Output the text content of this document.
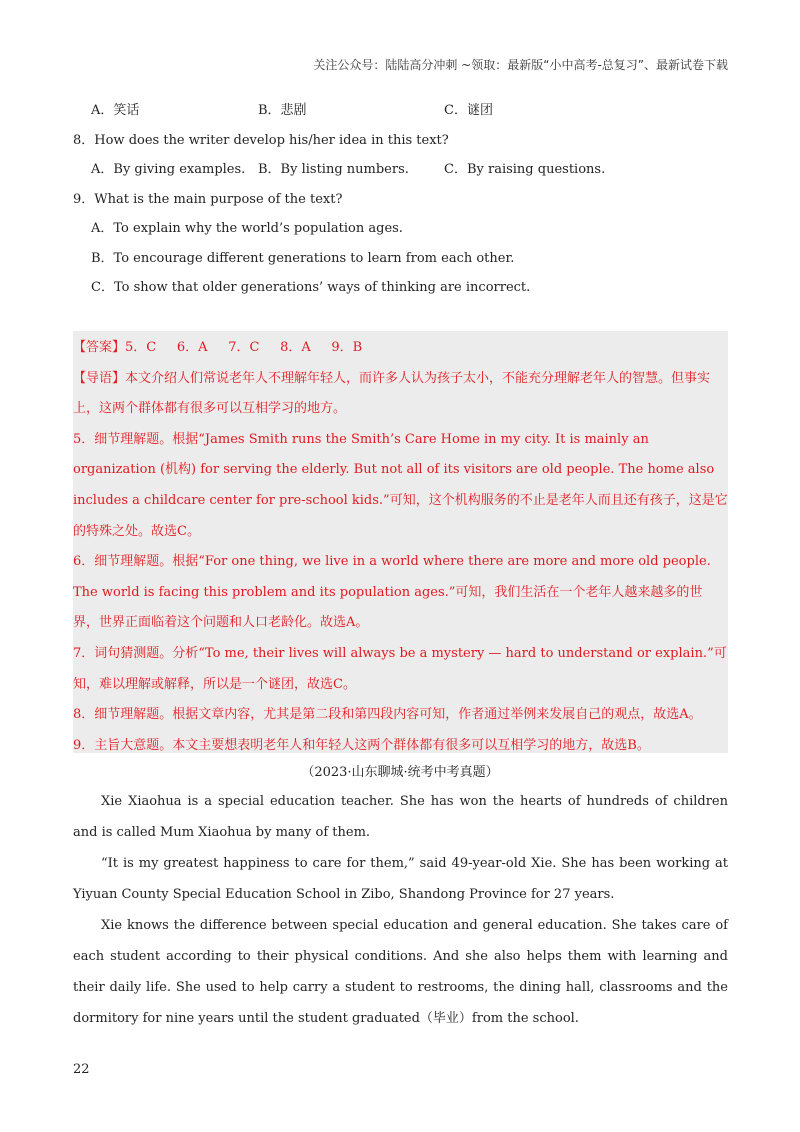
关注公众号：陆陆高分冲刺 ~领取：最新版“小中高考-总复习”、最新试卷下载
A．笑话	B．悲剧	C．谜团
8．How does the writer develop his/her idea in this text?
A．By giving examples. B．By listing numbers.	C．By raising questions.
9．What is the main purpose of the text?
A．To explain why the world’s population ages.
B．To encourage different generations to learn from each other.
C．To show that older generations’ ways of thinking are incorrect.

【答案】5．C     6．A     7．C     8．A     9．B

【导语】本文介绍人们常说老年人不理解年轻人，而许多人认为孩子太小，不能充分理解老年人的智慧。但事实上，这两个群体都有很多可以互相学习的地方。

5．细节理解题。根据“James Smith runs the Smith’s Care Home in my city. It is mainly an organization (机构) for serving the elderly. But not all of its visitors are old people. The home also includes a childcare center for pre-school kids.”可知，这个机构服务的不止是老年人而且还有孩子，这是它的特殊之处。故选C。

6．细节理解题。根据“For one thing, we live in a world where there are more and more old people. The world is facing this problem and its population ages.”可知，我们生活在一个老年人越来越多的世界，世界正面临着这个问题和人口老龄化。故选A。

7．词句猜测题。分析“To me, their lives will always be a mystery — hard to understand or explain.”可知，难以理解或解释，所以是一个谜团，故选C。

8．细节理解题。根据文章内容，尤其是第二段和第四段内容可知，作者通过举例来发展自己的观点，故选A。

9．主旨大意题。本文主要想表明老年人和年轻人这两个群体都有很多可以互相学习的地方，故选B。

（2023·山东聊城·统考中考真题）

Xie Xiaohua is a special education teacher. She has won the hearts of hundreds of children and is called Mum Xiaohua by many of them.

“It is my greatest happiness to care for them,” said 49-year-old Xie. She has been working at Yiyuan County Special Education School in Zibo, Shandong Province for 27 years.

Xie knows the difference between special education and general education. She takes care of each student according to their physical conditions. And she also helps them with learning and their daily life. She used to help carry a student to restrooms, the dining hall, classrooms and the dormitory for nine years until the student graduated（毕业）from the school.

22
